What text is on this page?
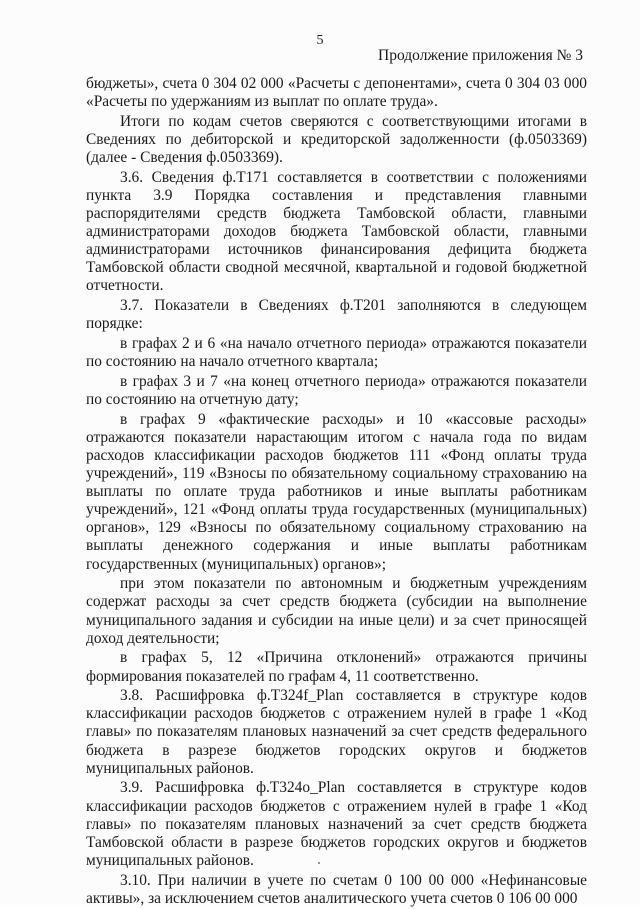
5
Продолжение приложения № 3

бюджеты», счета 0 304 02 000 «Расчеты с депонентами», счета 0 304 03 000 «Расчеты по удержаниям из выплат по оплате труда».

Итоги по кодам счетов сверяются с соответствующими итогами в Сведениях по дебиторской и кредиторской задолженности (ф.0503369) (далее - Сведения ф.0503369).

3.6. Сведения ф.Т171 составляется в соответствии с положениями пункта 3.9 Порядка составления и представления главными распорядителями средств бюджета Тамбовской области, главными администраторами доходов бюджета Тамбовской области, главными администраторами источников финансирования дефицита бюджета Тамбовской области сводной месячной, квартальной и годовой бюджетной отчетности.

3.7. Показатели в Сведениях ф.Т201 заполняются в следующем порядке:

в графах 2 и 6 «на начало отчетного периода» отражаются показатели по состоянию на начало отчетного квартала;

в графах 3 и 7 «на конец отчетного периода» отражаются показатели по состоянию на отчетную дату;

в графах 9 «фактические расходы» и 10 «кассовые расходы» отражаются показатели нарастающим итогом с начала года по видам расходов классификации расходов бюджетов 111 «Фонд оплаты труда учреждений», 119 «Взносы по обязательному социальному страхованию на выплаты по оплате труда работников и иные выплаты работникам учреждений», 121 «Фонд оплаты труда государственных (муниципальных) органов», 129 «Взносы по обязательному социальному страхованию на выплаты денежного содержания и иные выплаты работникам государственных (муниципальных) органов»;

при этом показатели по автономным и бюджетным учреждениям содержат расходы за счет средств бюджета (субсидии на выполнение муниципального задания и субсидии на иные цели) и за счет приносящей доход деятельности;

в графах 5, 12 «Причина отклонений» отражаются причины формирования показателей по графам 4, 11 соответственно.

3.8. Расшифровка ф.Т324f_Plan составляется в структуре кодов классификации расходов бюджетов с отражением нулей в графе 1 «Код главы» по показателям плановых назначений за счет средств федерального бюджета в разрезе бюджетов городских округов и бюджетов муниципальных районов.

3.9. Расшифровка ф.Т324o_Plan составляется в структуре кодов классификации расходов бюджетов с отражением нулей в графе 1 «Код главы» по показателям плановых назначений за счет средств бюджета Тамбовской области в разрезе бюджетов городских округов и бюджетов муниципальных районов.

3.10. При наличии в учете по счетам 0 100 00 000 «Нефинансовые активы», за исключением счетов аналитического учета счетов 0 106 00 000
